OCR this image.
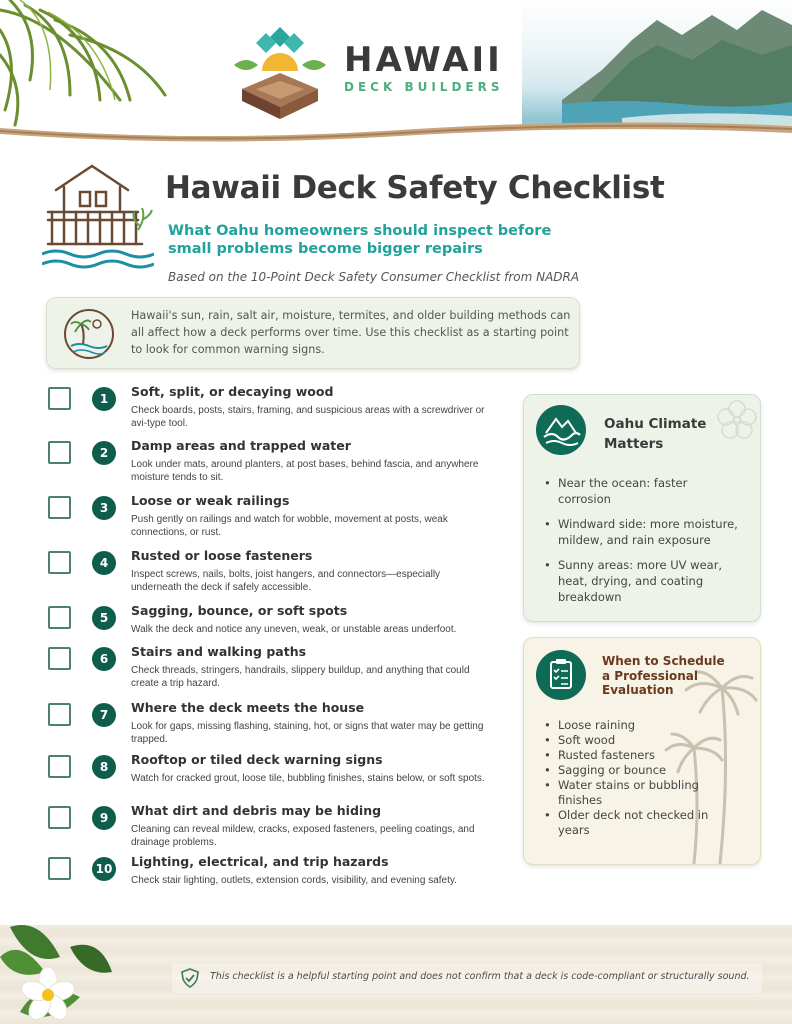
HAWAII
DECK BUILDERS
Hawaii Deck Safety Checklist
What Oahu homeowners should inspect before small problems become bigger repairs
Based on the 10-Point Deck Safety Consumer Checklist from NADRA
Hawaii's sun, rain, salt air, moisture, termites, and older building methods can all affect how a deck performs over time. Use this checklist as a starting point to look for common warning signs.
1	Soft, split, or decaying wood
Check boards, posts, stairs, framing, and suspicious areas with a screwdriver or avi-type tool.
2	Damp areas and trapped water
Look under mats, around planters, at post bases, behind fascia, and anywhere moisture tends to sit.
3	Loose or weak railings
Push gently on railings and watch for wobble, movement at posts, weak connections, or rust.
4	Rusted or loose fasteners
Inspect screws, nails, bolts, joist hangers, and connectors—especially underneath the deck if safely accessible.
5	Sagging, bounce, or soft spots
Walk the deck and notice any uneven, weak, or unstable areas underfoot.
6	Stairs and walking paths
Check threads, stringers, handrails, slippery buildup, and anything that could create a trip hazard.
7	Where the deck meets the house
Look for gaps, missing flashing, staining, hot, or signs that water may be getting trapped.
8	Rooftop or tiled deck warning signs
Watch for cracked grout, loose tile, bubbling finishes, stains below, or soft spots.
9	What dirt and debris may be hiding
Cleaning can reveal mildew, cracks, exposed fasteners, peeling coatings, and drainage problems.
10 Lighting, electrical, and trip hazards
Check stair lighting, outlets, extension cords, visibility, and evening safety.
Oahu Climate Matters
• Near the ocean: faster corrosion
• Windward side: more moisture, mildew, and rain exposure
• Sunny areas: more UV wear, heat, drying, and coating breakdown
When to Schedule a Professional Evaluation
• Loose raining
• Soft wood
• Rusted fasteners
• Sagging or bounce
• Water stains or bubbling finishes
• Older deck not checked in years
This checklist is a helpful starting point and does not confirm that a deck is code-compliant or structurally sound.
